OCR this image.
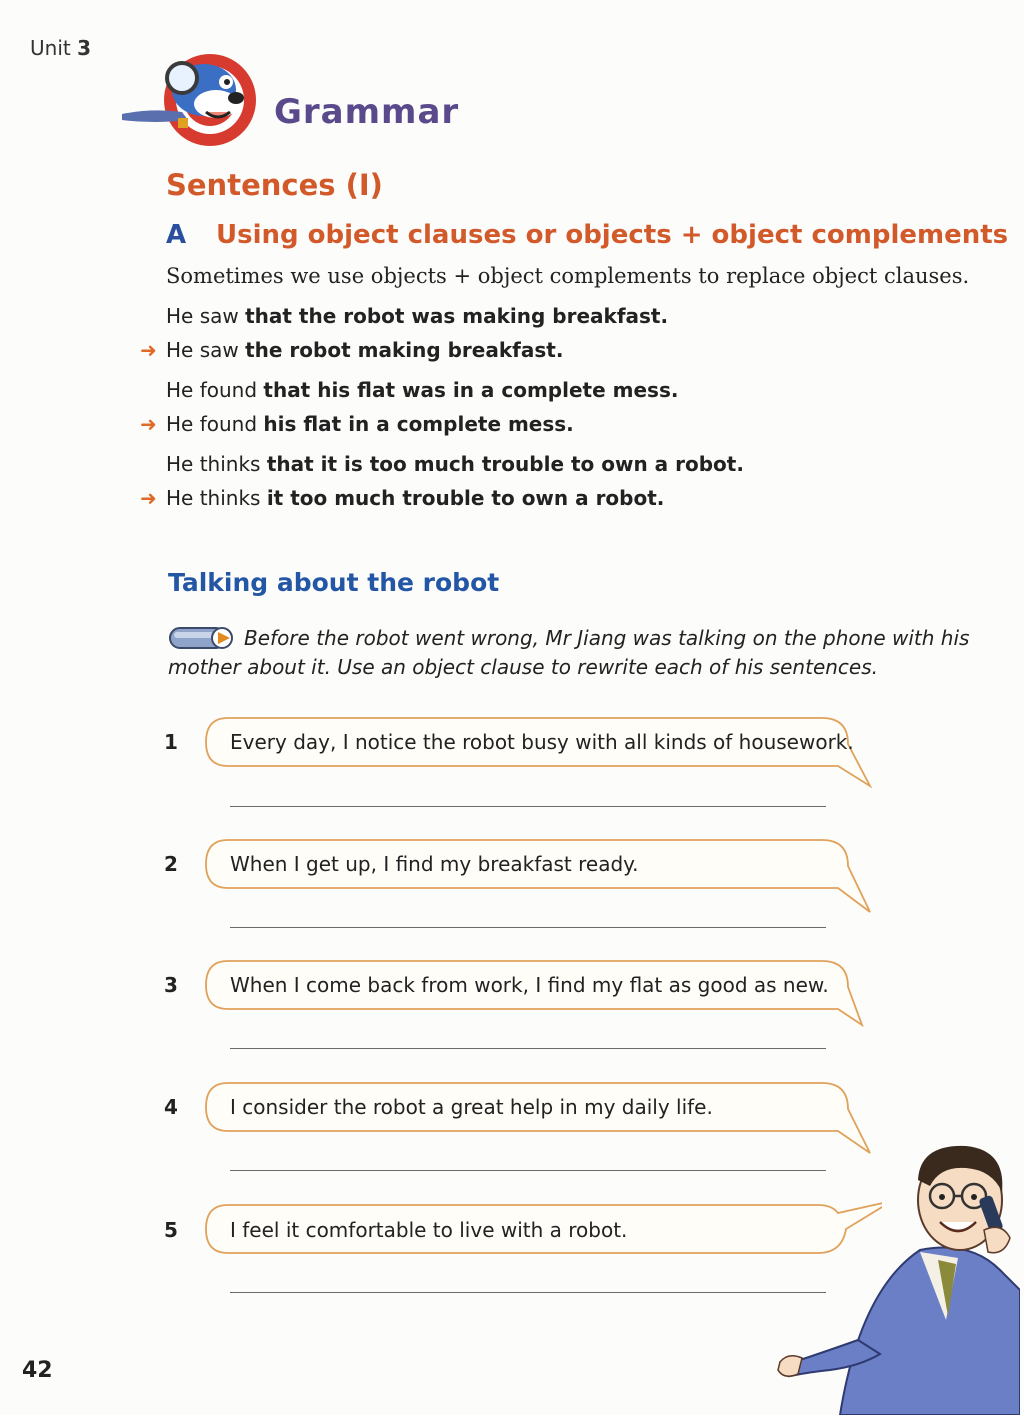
Unit 3
Grammar
Sentences (I)
A Using object clauses or objects + object complements
Sometimes we use objects + object complements to replace object clauses.
He saw that the robot was making breakfast.
➜ He saw the robot making breakfast.
He found that his flat was in a complete mess.
➜ He found his flat in a complete mess.
He thinks that it is too much trouble to own a robot.
➜ He thinks it too much trouble to own a robot.
Talking about the robot
Before the robot went wrong, Mr Jiang was talking on the phone with his mother about it. Use an object clause to rewrite each of his sentences.
1	Every day, I notice the robot busy with all kinds of housework.
2	When I get up, I find my breakfast ready.
3	When I come back from work, I find my flat as good as new.
4	I consider the robot a great help in my daily life.
5	I feel it comfortable to live with a robot.
42
